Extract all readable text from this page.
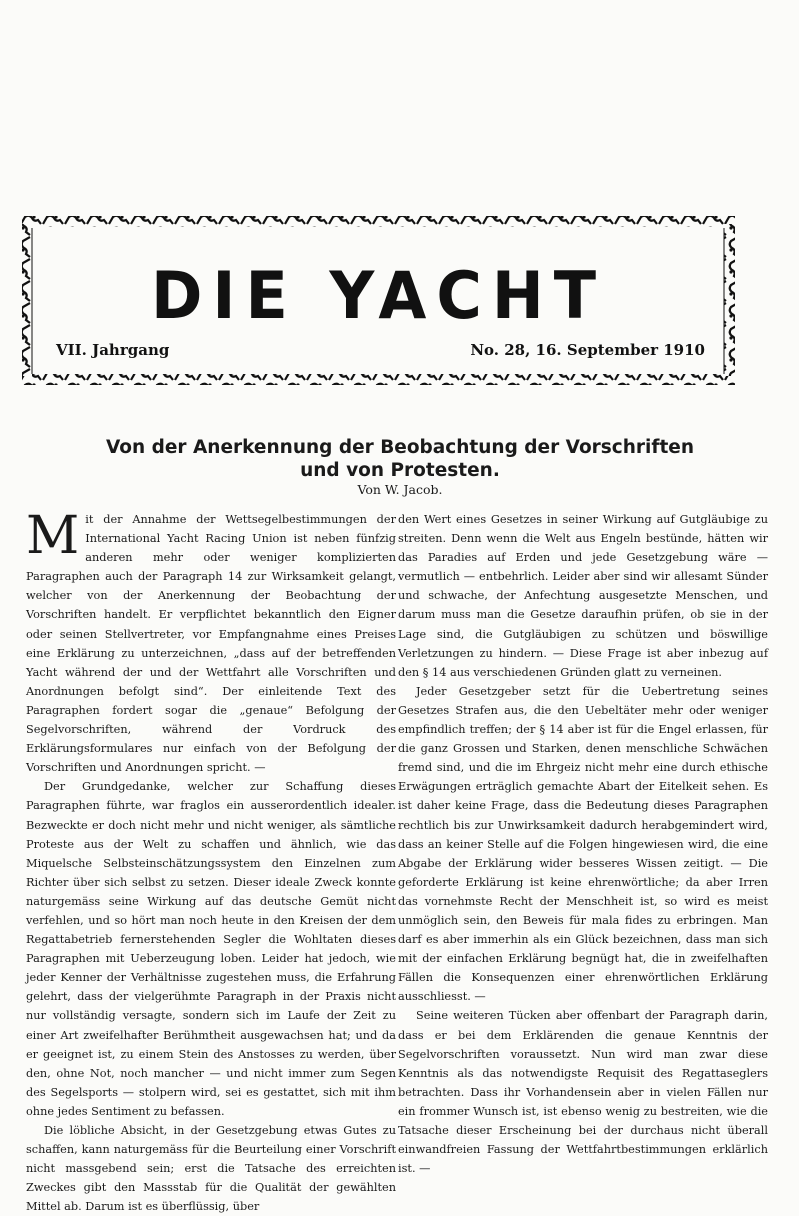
DIE YACHT
VII. Jahrgang	No. 28, 16. September 1910
Von der Anerkennung der Beobachtung der Vorschriften
und von Protesten.
Von W. Jacob.

Mit der Annahme der Wettsegelbestimmungen der International Yacht Racing Union ist neben fünfzig anderen mehr oder weniger komplizierten Paragraphen auch der Paragraph 14 zur Wirksamkeit gelangt, welcher von der Anerkennung der Beobachtung der Vorschriften handelt. Er verpflichtet bekanntlich den Eigner oder seinen Stellvertreter, vor Empfangnahme eines Preises eine Erklärung zu unterzeichnen, „dass auf der betreffenden Yacht während der und der Wettfahrt alle Vorschriften und Anordnungen befolgt sind“. Der einleitende Text des Paragraphen fordert sogar die „genaue“ Befolgung der Segelvorschriften, während der Vordruck des Erklärungsformulares nur einfach von der Befolgung der Vorschriften und Anordnungen spricht. —

Der Grundgedanke, welcher zur Schaffung dieses Paragraphen führte, war fraglos ein ausserordentlich idealer. Bezweckte er doch nicht mehr und nicht weniger, als sämtliche Proteste aus der Welt zu schaffen und ähnlich, wie das Miquelsche Selbsteinschätzungssystem den Einzelnen zum Richter über sich selbst zu setzen. Dieser ideale Zweck konnte naturgemäss seine Wirkung auf das deutsche Gemüt nicht verfehlen, und so hört man noch heute in den Kreisen der dem Regattabetrieb fernerstehenden Segler die Wohltaten dieses Paragraphen mit Ueberzeugung loben. Leider hat jedoch, wie jeder Kenner der Verhältnisse zugestehen muss, die Erfahrung gelehrt, dass der vielgerühmte Paragraph in der Praxis nicht nur vollständig versagte, sondern sich im Laufe der Zeit zu einer Art zweifelhafter Berühmtheit ausgewachsen hat; und da er geeignet ist, zu einem Stein des Anstosses zu werden, über den, ohne Not, noch mancher — und nicht immer zum Segen des Segelsports — stolpern wird, sei es gestattet, sich mit ihm ohne jedes Sentiment zu befassen.

Die löbliche Absicht, in der Gesetzgebung etwas Gutes zu schaffen, kann naturgemäss für die Beurteilung einer Vorschrift nicht massgebend sein; erst die Tatsache des erreichten Zweckes gibt den Massstab für die Qualität der gewählten Mittel ab. Darum ist es überflüssig, über

den Wert eines Gesetzes in seiner Wirkung auf Gutgläubige zu streiten. Denn wenn die Welt aus Engeln bestünde, hätten wir das Paradies auf Erden und jede Gesetzgebung wäre — vermutlich — entbehrlich. Leider aber sind wir allesamt Sünder und schwache, der Anfechtung ausgesetzte Menschen, und darum muss man die Gesetze daraufhin prüfen, ob sie in der Lage sind, die Gutgläubigen zu schützen und böswillige Verletzungen zu hindern. — Diese Frage ist aber inbezug auf den § 14 aus verschiedenen Gründen glatt zu verneinen.

Jeder Gesetzgeber setzt für die Uebertretung seines Gesetzes Strafen aus, die den Uebeltäter mehr oder weniger empfindlich treffen; der § 14 aber ist für die Engel erlassen, für die ganz Grossen und Starken, denen menschliche Schwächen fremd sind, und die im Ehrgeiz nicht mehr eine durch ethische Erwägungen erträglich gemachte Abart der Eitelkeit sehen. Es ist daher keine Frage, dass die Bedeutung dieses Paragraphen rechtlich bis zur Unwirksamkeit dadurch herabgemindert wird, dass an keiner Stelle auf die Folgen hingewiesen wird, die eine Abgabe der Erklärung wider besseres Wissen zeitigt. — Die geforderte Erklärung ist keine ehrenwörtliche; da aber Irren das vornehmste Recht der Menschheit ist, so wird es meist unmöglich sein, den Beweis für mala fides zu erbringen. Man darf es aber immerhin als ein Glück bezeichnen, dass man sich mit der einfachen Erklärung begnügt hat, die in zweifelhaften Fällen die Konsequenzen einer ehrenwörtlichen Erklärung ausschliesst. —

Seine weiteren Tücken aber offenbart der Paragraph darin, dass er bei dem Erklärenden die genaue Kenntnis der Segelvorschriften voraussetzt. Nun wird man zwar diese Kenntnis als das notwendigste Requisit des Regattaseglers betrachten. Dass ihr Vorhandensein aber in vielen Fällen nur ein frommer Wunsch ist, ist ebenso wenig zu bestreiten, wie die Tatsache dieser Erscheinung bei der durchaus nicht überall einwandfreien Fassung der Wettfahrtbestimmungen erklärlich ist. —
